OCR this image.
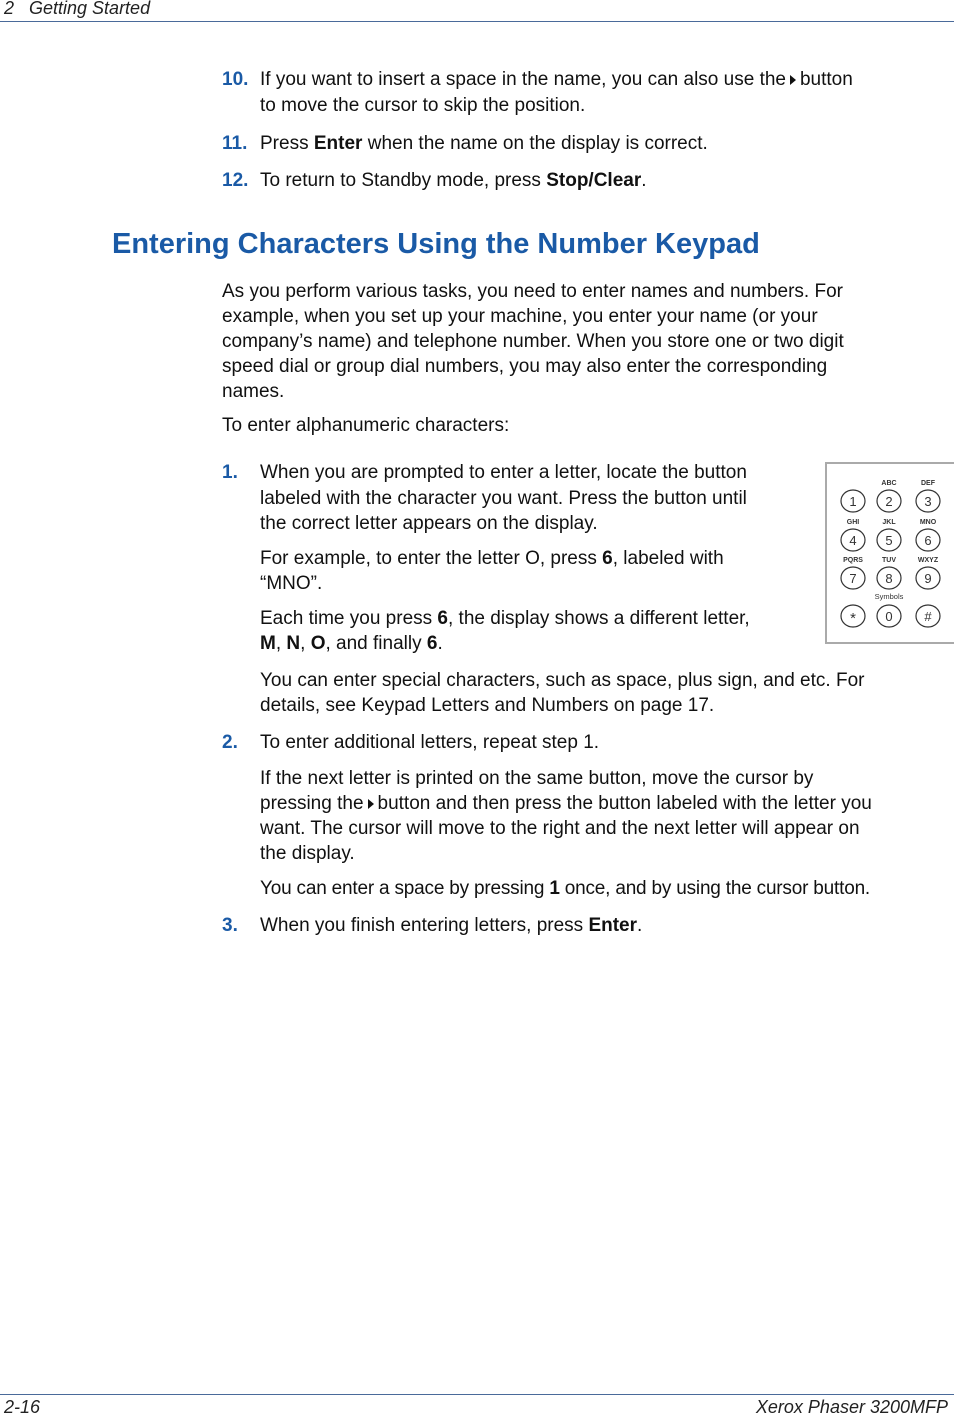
2   Getting Started
10. If you want to insert a space in the name, you can also use the button
to move the cursor to skip the position.
11. Press Enter when the name on the display is correct.
12. To return to Standby mode, press Stop/Clear.
Entering Characters Using the Number Keypad
As you perform various tasks, you need to enter names and numbers. For
example, when you set up your machine, you enter your name (or your
company’s name) and telephone number. When you store one or two digit
speed dial or group dial numbers, you may also enter the corresponding
names.
To enter alphanumeric characters:
1. When you are prompted to enter a letter, locate the button
labeled with the character you want. Press the button until
the correct letter appears on the display.
For example, to enter the letter O, press 6, labeled with
“MNO”.
Each time you press 6, the display shows a different letter,
M, N, O, and finally 6.
You can enter special characters, such as space, plus sign, and etc. For
details, see Keypad Letters and Numbers on page 17.
2. To enter additional letters, repeat step 1.
If the next letter is printed on the same button, move the cursor by
pressing the button and then press the button labeled with the letter you
want. The cursor will move to the right and the next letter will appear on
the display.
You can enter a space by pressing 1 once, and by using the cursor button.
3. When you finish entering letters, press Enter.
ABC	DEF
1 2 3
GHI	JKL	MNO
4 5 6
PQRS	TUV	WXYZ
7 8 9
Symbols
* 0 #
2-16	Xerox Phaser 3200MFP
